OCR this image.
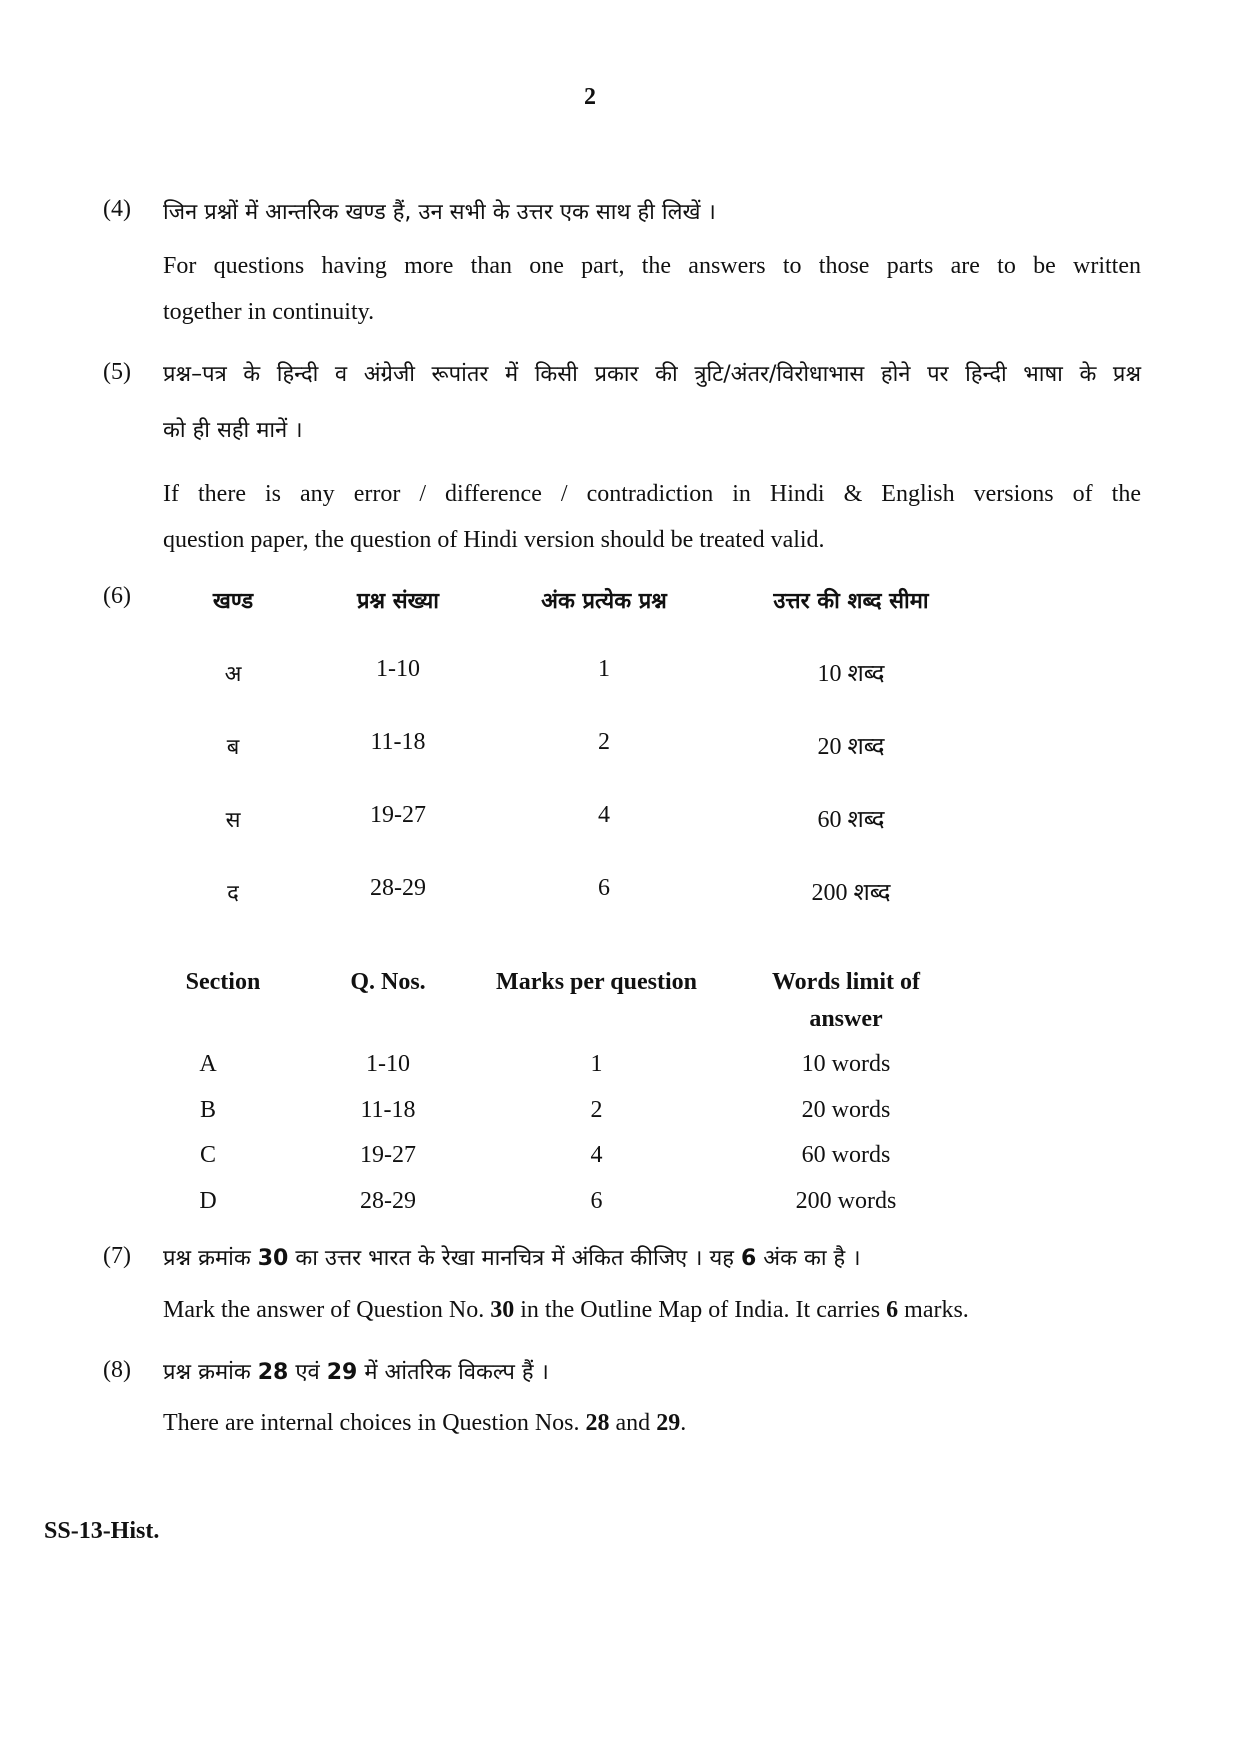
2
(4) जिन प्रश्नों में आन्तरिक खण्ड हैं, उन सभी के उत्तर एक साथ ही लिखें ।
For questions having more than one part, the answers to those parts are to be written
together in continuity.
(5) प्रश्न–पत्र के हिन्दी व अंग्रेजी रूपांतर में किसी प्रकार की त्रुटि/अंतर/विरोधाभास होने पर हिन्दी भाषा के प्रश्न
को ही सही मानें ।
If there is any error / difference / contradiction in Hindi & English versions of the
question paper, the question of Hindi version should be treated valid.
(6)	खण्ड	प्रश्न संख्या	अंक प्रत्येक प्रश्न	उत्तर की शब्द सीमा
अ	1-10	1	10 शब्द
ब	11-18	2	20 शब्द
स	19-27	4	60 शब्द
द	28-29	6	200 शब्द
Section	Q. Nos.	Marks per question	Words limit of
answer
A	1-10	1	10 words
B	11-18	2	20 words
C	19-27	4	60 words
D	28-29	6	200 words
(7) प्रश्न क्रमांक 30 का उत्तर भारत के रेखा मानचित्र में अंकित कीजिए । यह 6 अंक का है ।
Mark the answer of Question No. 30 in the Outline Map of India. It carries 6 marks.
(8) प्रश्न क्रमांक 28 एवं 29 में आंतरिक विकल्प हैं ।
There are internal choices in Question Nos. 28 and 29.
SS-13-Hist.
